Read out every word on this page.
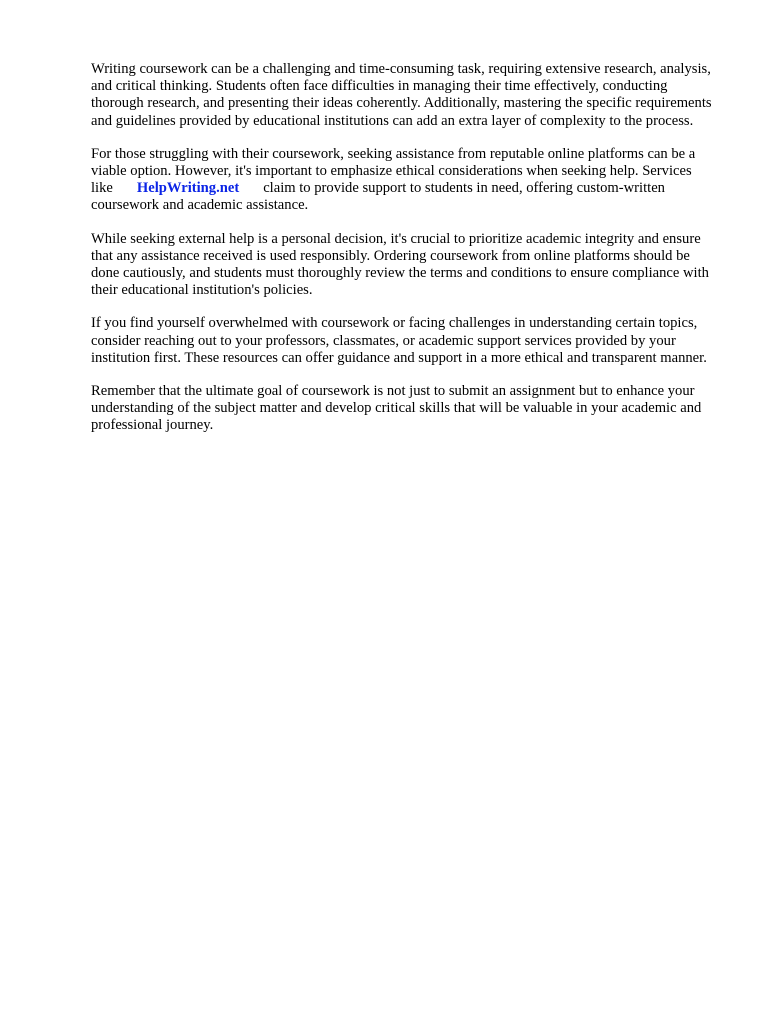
Writing coursework can be a challenging and time-consuming task, requiring extensive research, analysis, and critical thinking. Students often face difficulties in managing their time effectively, conducting thorough research, and presenting their ideas coherently. Additionally, mastering the specific requirements and guidelines provided by educational institutions can add an extra layer of complexity to the process.

For those struggling with their coursework, seeking assistance from reputable online platforms can be a viable option. However, it's important to emphasize ethical considerations when seeking help. Services like HelpWriting.net claim to provide support to students in need, offering custom-written coursework and academic assistance.

While seeking external help is a personal decision, it's crucial to prioritize academic integrity and ensure that any assistance received is used responsibly. Ordering coursework from online platforms should be done cautiously, and students must thoroughly review the terms and conditions to ensure compliance with their educational institution's policies.

If you find yourself overwhelmed with coursework or facing challenges in understanding certain topics, consider reaching out to your professors, classmates, or academic support services provided by your institution first. These resources can offer guidance and support in a more ethical and transparent manner.

Remember that the ultimate goal of coursework is not just to submit an assignment but to enhance your understanding of the subject matter and develop critical skills that will be valuable in your academic and professional journey.
